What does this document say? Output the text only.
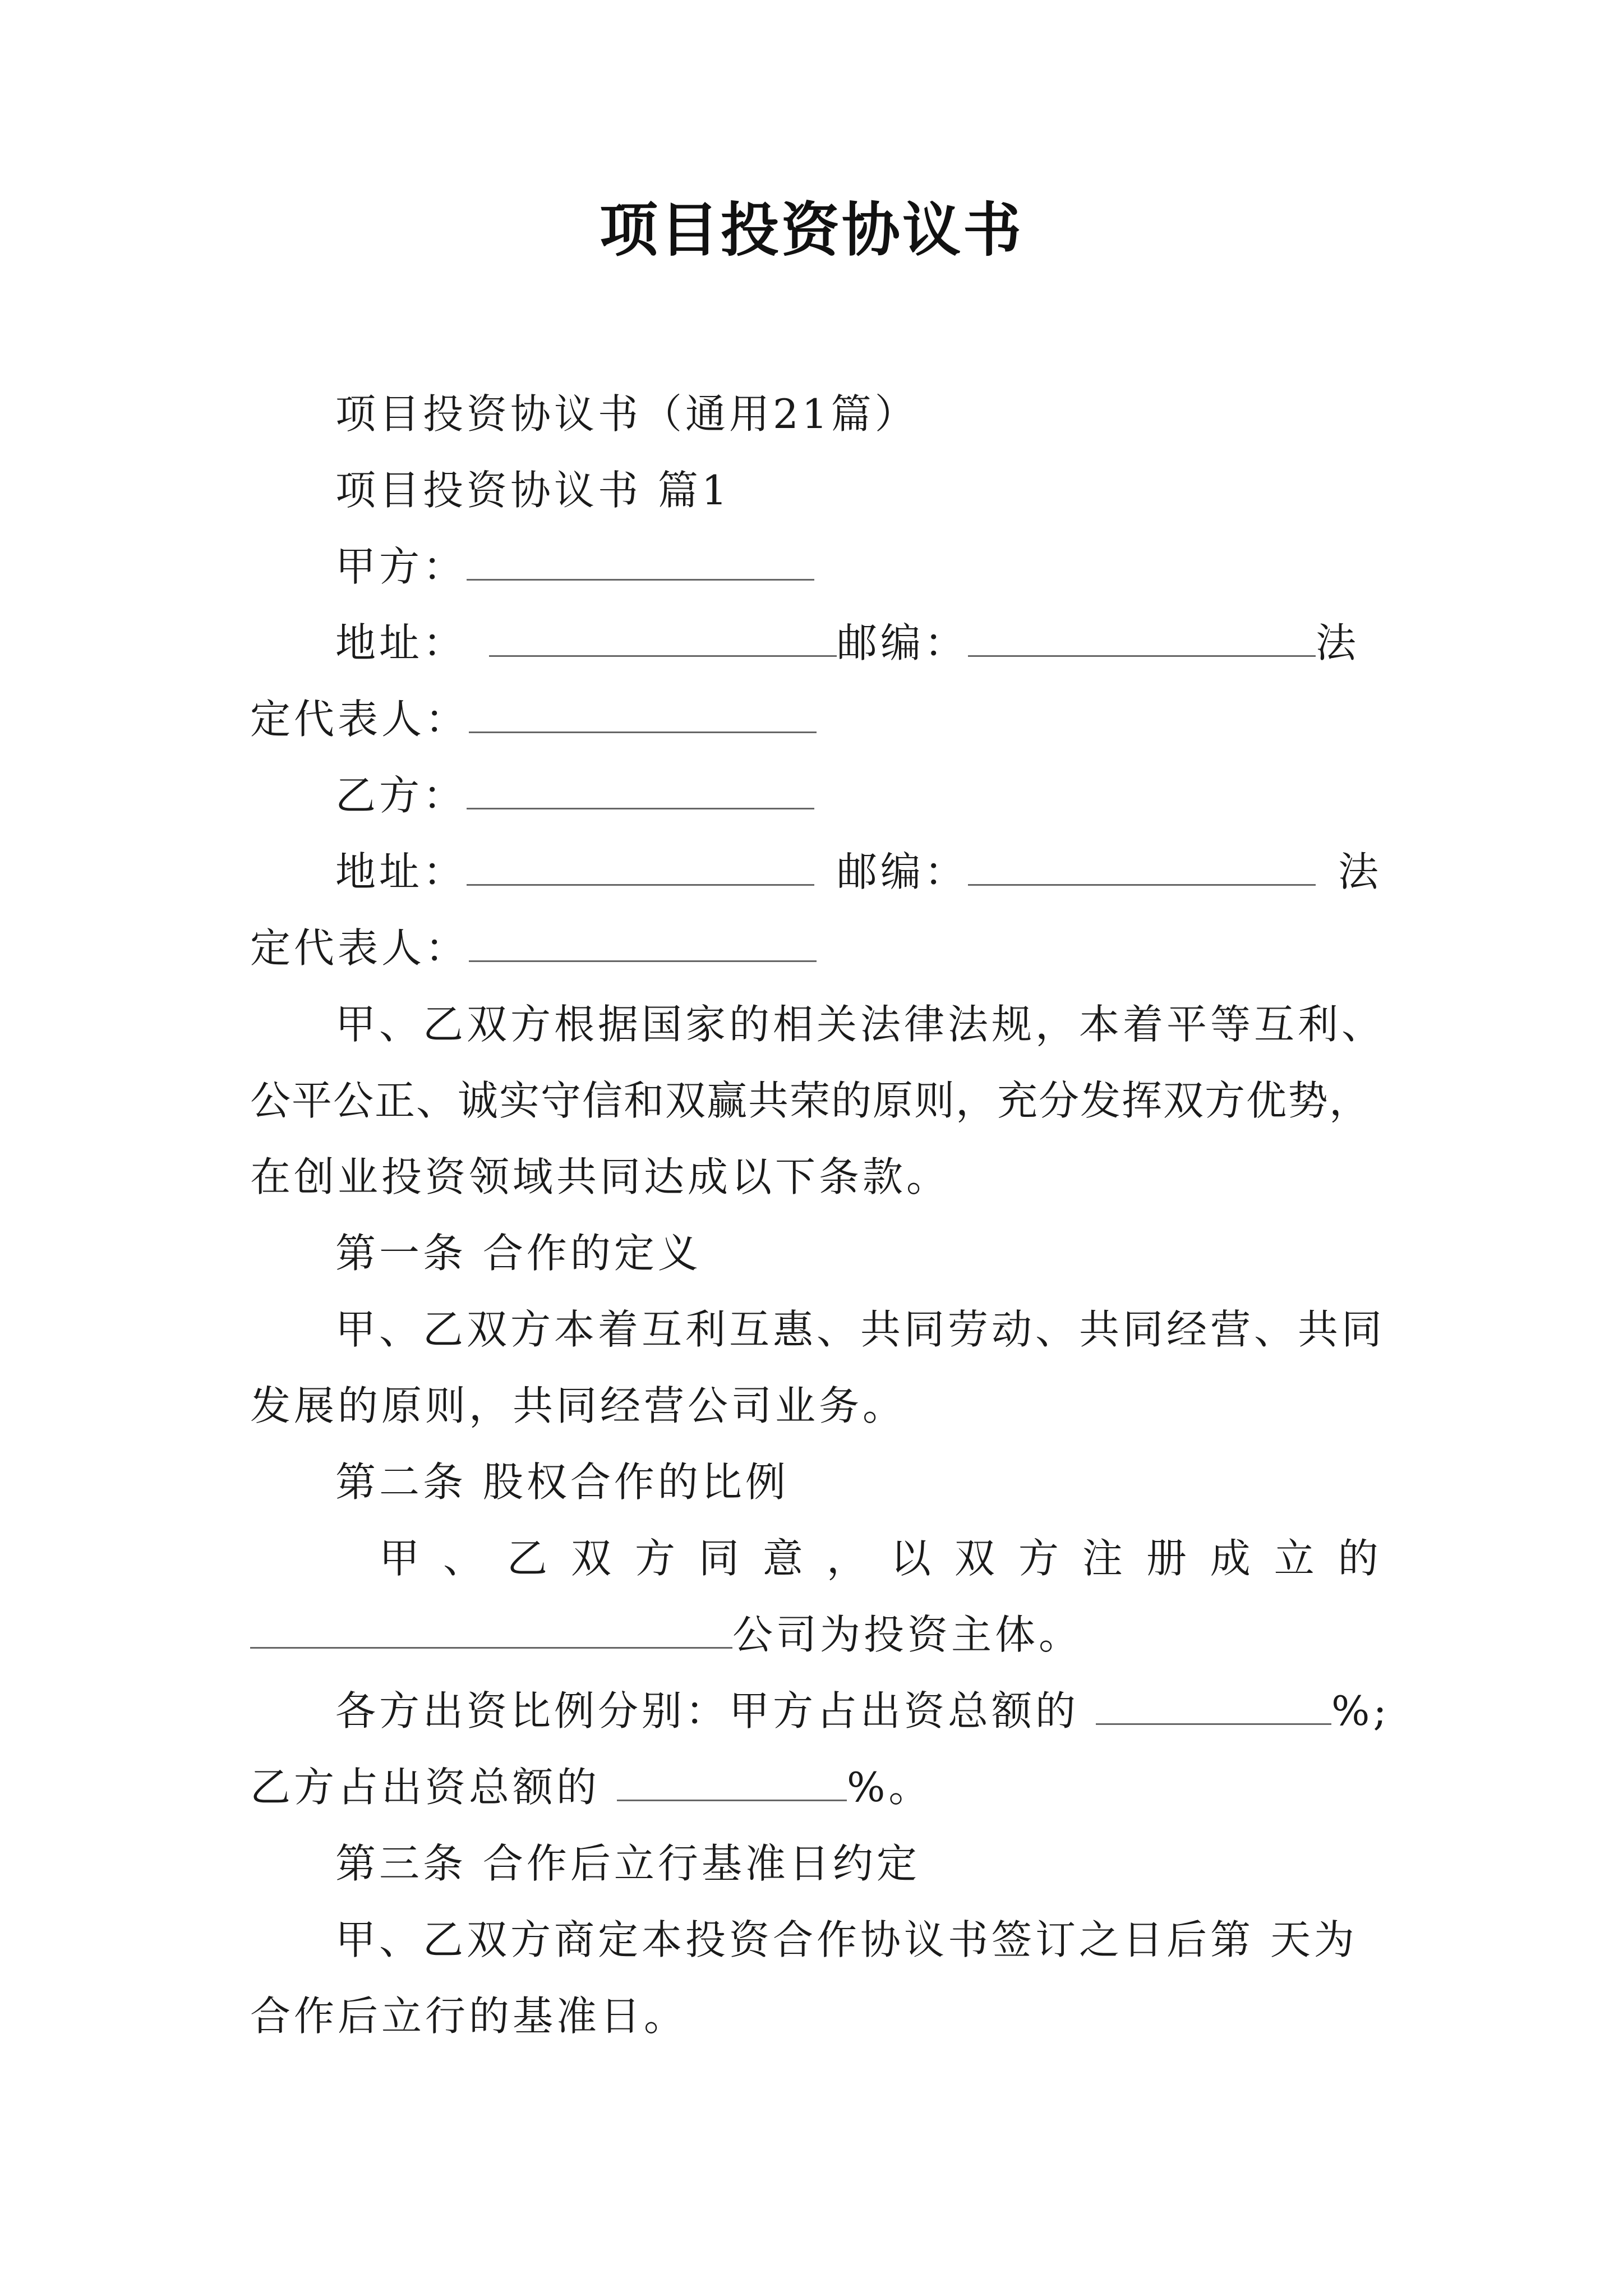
项目投资协议书
项目投资协议书（通用21篇）
项目投资协议书 篇1
甲方：
地址：	邮编：	法
定代表人：
乙方：
地址：	邮编：	法
定代表人：
甲、乙双方根据国家的相关法律法规，本着平等互利、
公平公正、诚实守信和双赢共荣的原则，充分发挥双方优势，
在创业投资领域共同达成以下条款。
第一条 合作的定义
甲、乙双方本着互利互惠、共同劳动、共同经营、共同
发展的原则，共同经营公司业务。
第二条 股权合作的比例
甲 、 乙 双 方 同 意 ， 以 双 方 注 册 成 立 的
公司为投资主体。
各方出资比例分别：甲方占出资总额的	%;
乙方占出资总额的	%。
第三条 合作后立行基准日约定
甲、乙双方商定本投资合作协议书签订之日后第 天为
合作后立行的基准日。
